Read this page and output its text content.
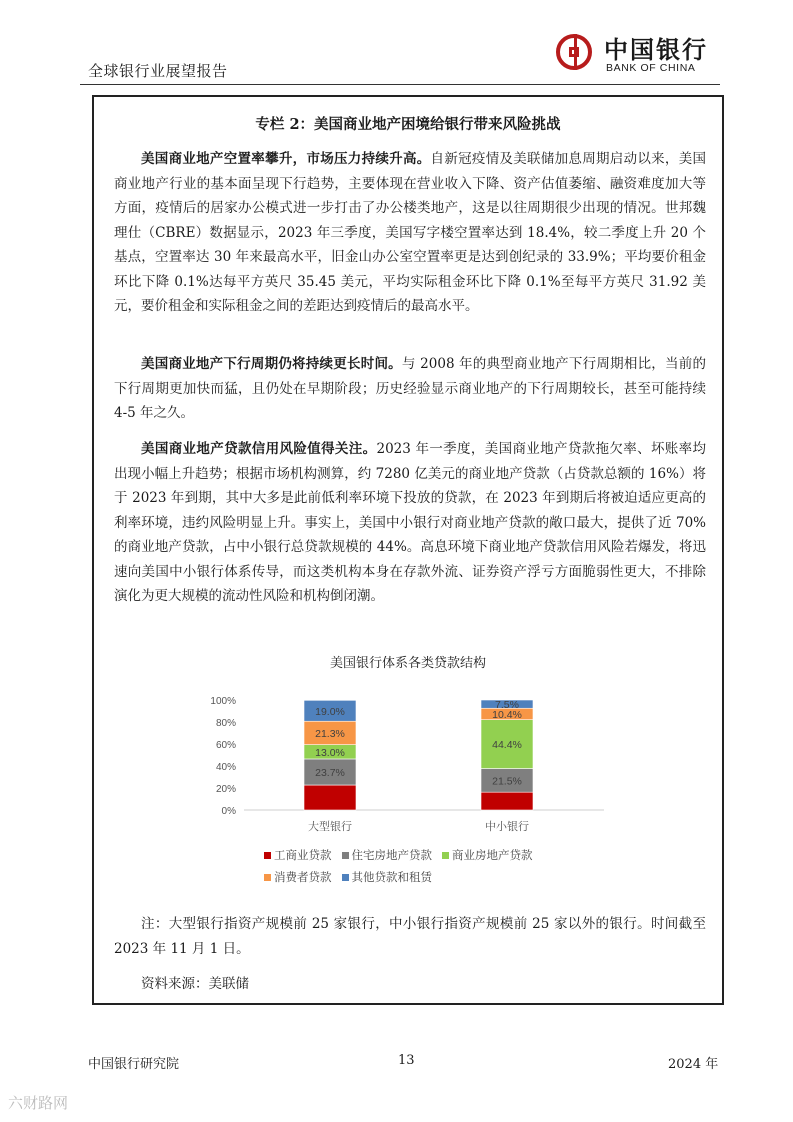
全球银行业展望报告
中国银行
BANK OF CHINA
专栏 2：美国商业地产困境给银行带来风险挑战

美国商业地产空置率攀升，市场压力持续升高。自新冠疫情及美联储加息周期启动以来，美国商业地产行业的基本面呈现下行趋势，主要体现在营业收入下降、资产估值萎缩、融资难度加大等方面，疫情后的居家办公模式进一步打击了办公楼类地产，这是以往周期很少出现的情况。世邦魏理仕（CBRE）数据显示，2023 年三季度，美国写字楼空置率达到 18.4%，较二季度上升 20 个基点，空置率达 30 年来最高水平，旧金山办公室空置率更是达到创纪录的 33.9%；平均要价租金环比下降 0.1%达每平方英尺 35.45 美元，平均实际租金环比下降 0.1%至每平方英尺 31.92 美元，要价租金和实际租金之间的差距达到疫情后的最高水平。

美国商业地产下行周期仍将持续更长时间。与 2008 年的典型商业地产下行周期相比，当前的下行周期更加快而猛，且仍处在早期阶段；历史经验显示商业地产的下行周期较长，甚至可能持续 4-5 年之久。

美国商业地产贷款信用风险值得关注。2023 年一季度，美国商业地产贷款拖欠率、坏账率均出现小幅上升趋势；根据市场机构测算，约 7280 亿美元的商业地产贷款（占贷款总额的 16%）将于 2023 年到期，其中大多是此前低利率环境下投放的贷款，在 2023 年到期后将被迫适应更高的利率环境，违约风险明显上升。事实上，美国中小银行对商业地产贷款的敞口最大，提供了近 70%的商业地产贷款，占中小银行总贷款规模的 44%。高息环境下商业地产贷款信用风险若爆发，将迅速向美国中小银行体系传导，而这类机构本身在存款外流、证券资产浮亏方面脆弱性更大，不排除演化为更大规模的流动性风险和机构倒闭潮。

美国银行体系各类贷款结构
0%
20%
40%
60%
80%
100%
23.7%
13.0%
21.3%
19.0%
大型银行
21.5%
44.4%
10.4%
7.5%
中小银行
工商业贷款 住宅房地产贷款 商业房地产贷款
消费者贷款 其他贷款和租赁

注：大型银行指资产规模前 25 家银行，中小银行指资产规模前 25 家以外的银行。时间截至 2023 年 11 月 1 日。

资料来源：美联储
中国银行研究院	13	2024 年
六财路网
